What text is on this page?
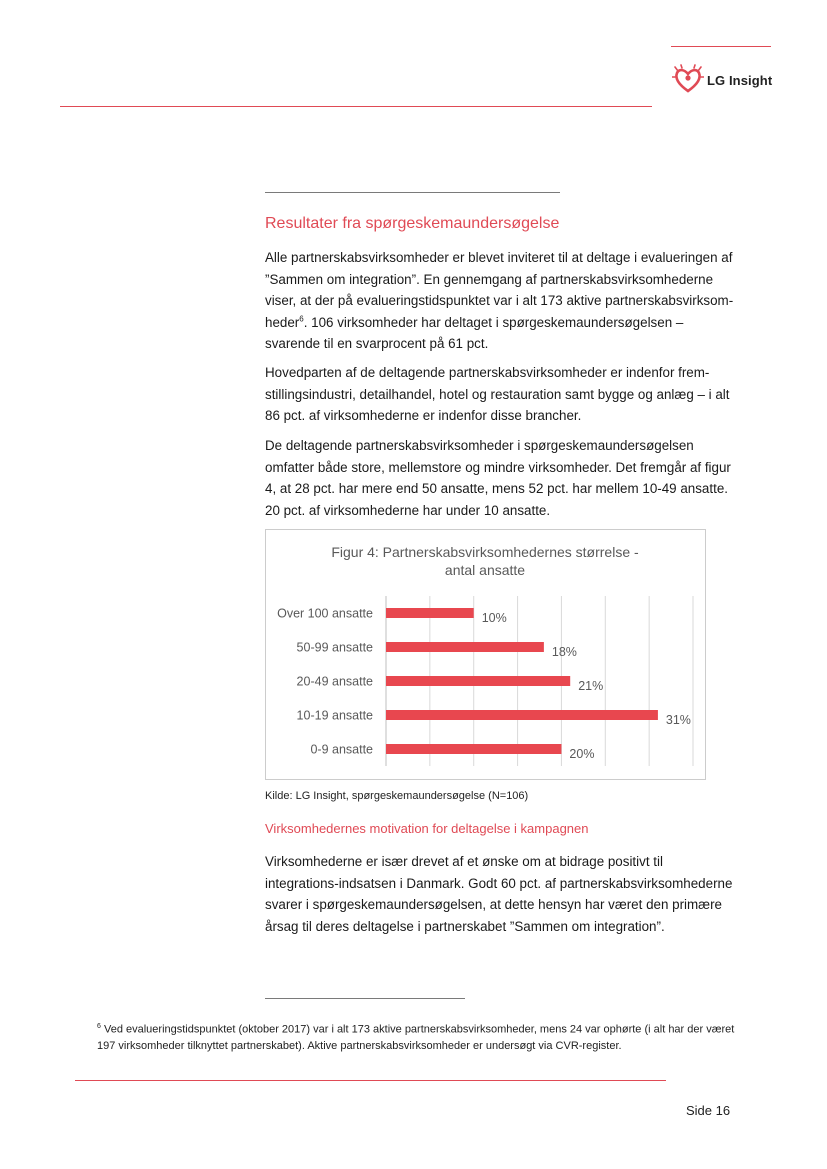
LG Insight
Resultater fra spørgeskemaundersøgelse
Alle partnerskabsvirksomheder er blevet inviteret til at deltage i evalueringen af ”Sammen om integration”. En gennemgang af partnerskabsvirksomhederne viser, at der på evalueringstidspunktet var i alt 173 aktive partnerskabsvirksom-heder$^6$. 106 virksomheder har deltaget i spørgeskemaundersøgelsen – svarende til en svarprocent på 61 pct.
Hovedparten af de deltagende partnerskabsvirksomheder er indenfor frem-stillingsindustri, detailhandel, hotel og restauration samt bygge og anlæg – i alt 86 pct. af virksomhederne er indenfor disse brancher.
De deltagende partnerskabsvirksomheder i spørgeskemaundersøgelsen omfatter både store, mellemstore og mindre virksomheder. Det fremgår af figur 4, at 28 pct. har mere end 50 ansatte, mens 52 pct. har mellem 10-49 ansatte. 20 pct. af virksomhederne har under 10 ansatte.
Figur 4: Partnerskabsvirksomhedernes størrelse -
antal ansatte
Over 100 ansatte	10%
50-99 ansatte	18%
20-49 ansatte	21%
10-19 ansatte	31%
0-9 ansatte	20%
Kilde: LG Insight, spørgeskemaundersøgelse (N=106)
Virksomhedernes motivation for deltagelse i kampagnen
Virksomhederne er især drevet af et ønske om at bidrage positivt til integrations-indsatsen i Danmark. Godt 60 pct. af partnerskabsvirksomhederne svarer i spørgeskemaundersøgelsen, at dette hensyn har været den primære årsag til deres deltagelse i partnerskabet ”Sammen om integration”.
$^6$ Ved evalueringstidspunktet (oktober 2017) var i alt 173 aktive partnerskabsvirksomheder, mens 24 var ophørte (i alt har der været 197 virksomheder tilknyttet partnerskabet). Aktive partnerskabsvirksomheder er undersøgt via CVR-register.
Side 16
